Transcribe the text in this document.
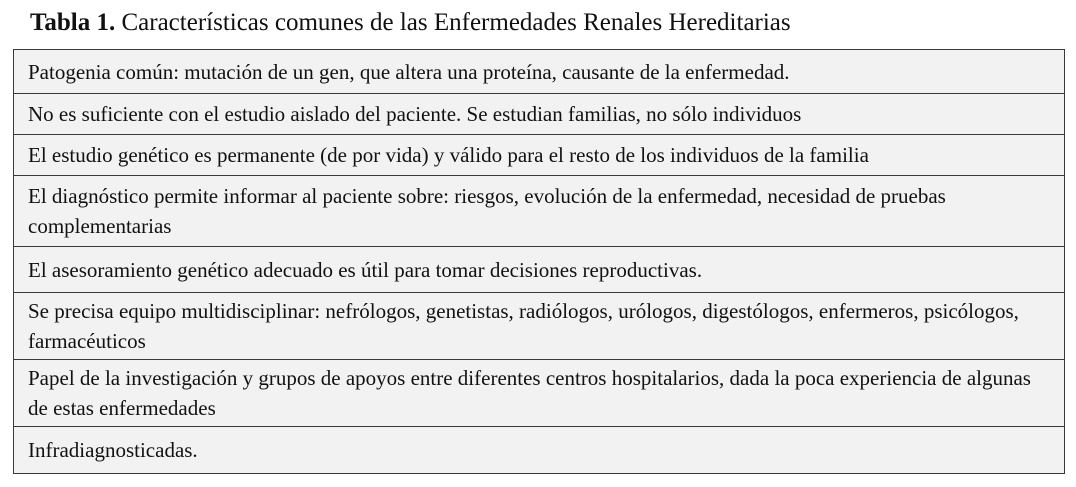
Tabla 1. Características comunes de las Enfermedades Renales Hereditarias
Patogenia común: mutación de un gen, que altera una proteína, causante de la enfermedad.
No es suficiente con el estudio aislado del paciente. Se estudian familias, no sólo individuos
El estudio genético es permanente (de por vida) y válido para el resto de los individuos de la familia
El diagnóstico permite informar al paciente sobre: riesgos, evolución de la enfermedad, necesidad de pruebas complementarias
El asesoramiento genético adecuado es útil para tomar decisiones reproductivas.
Se precisa equipo multidisciplinar: nefrólogos, genetistas, radiólogos, urólogos, digestólogos, enfermeros, psicólogos, farmacéuticos
Papel de la investigación y grupos de apoyos entre diferentes centros hospitalarios, dada la poca experiencia de algunas de estas enfermedades
Infradiagnosticadas.
